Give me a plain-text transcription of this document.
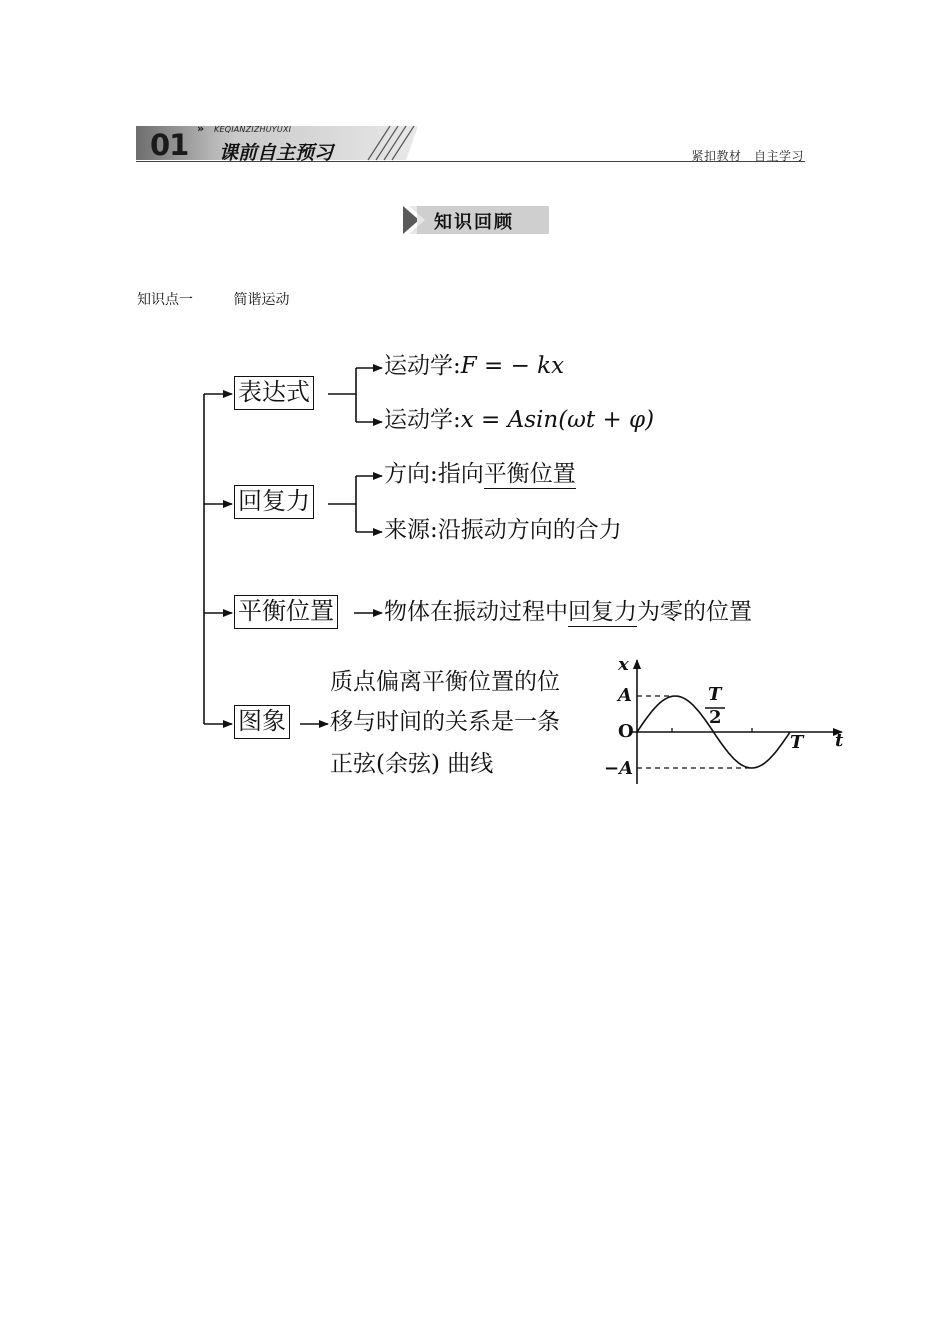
01 » KEQIANZIZHUYUXI
课前自主预习	紧扣教材　自主学习
知识回顾
知识点一	简谐运动
表达式
运动学:F = − kx
运动学:x = Asin(ωt + φ)
回复力
方向:指向平衡位置
来源:沿振动方向的合力
平衡位置 物体在振动过程中回复力为零的位置
图象
质点偏离平衡位置的位
移与时间的关系是一条
正弦(余弦) 曲线
x
t
O
A
−A
T
2
T
